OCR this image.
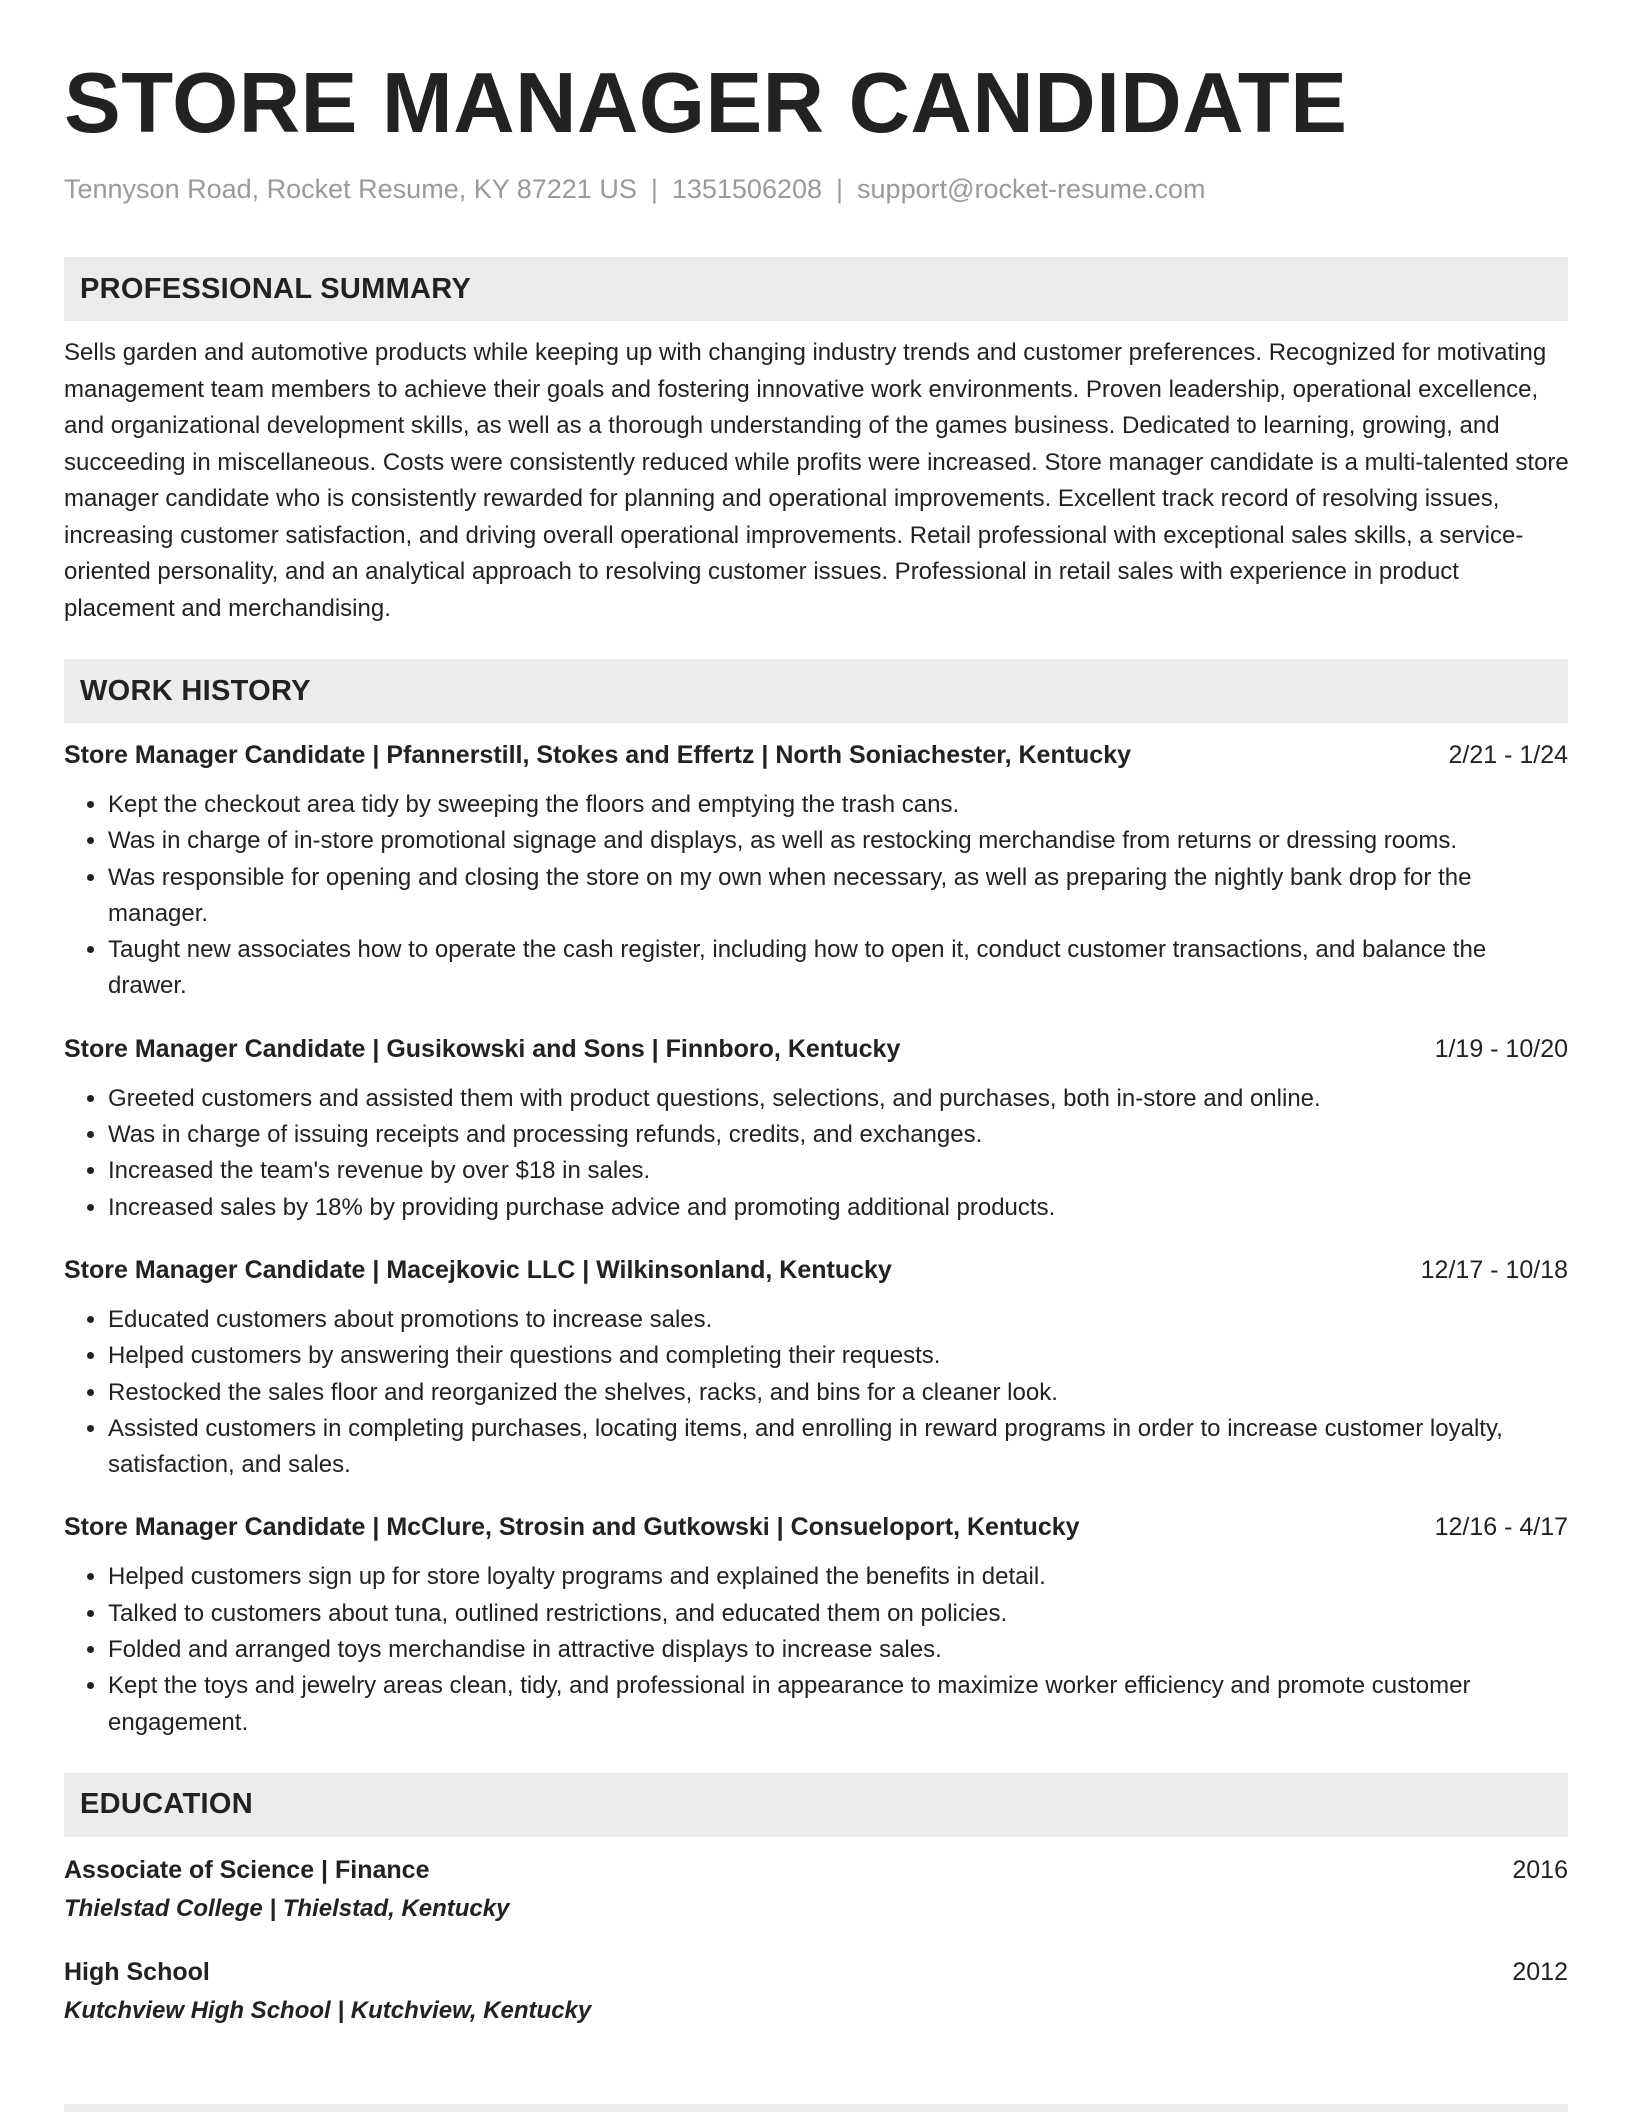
STORE MANAGER CANDIDATE
Tennyson Road, Rocket Resume, KY 87221 US | 1351506208 | support@rocket-resume.com
PROFESSIONAL SUMMARY
Sells garden and automotive products while keeping up with changing industry trends and customer preferences. Recognized for motivating management team members to achieve their goals and fostering innovative work environments. Proven leadership, operational excellence, and organizational development skills, as well as a thorough understanding of the games business. Dedicated to learning, growing, and succeeding in miscellaneous. Costs were consistently reduced while profits were increased. Store manager candidate is a multi-talented store manager candidate who is consistently rewarded for planning and operational improvements. Excellent track record of resolving issues, increasing customer satisfaction, and driving overall operational improvements. Retail professional with exceptional sales skills, a service-oriented personality, and an analytical approach to resolving customer issues. Professional in retail sales with experience in product placement and merchandising.
WORK HISTORY
Store Manager Candidate | Pfannerstill, Stokes and Effertz | North Soniachester, Kentucky	2/21 - 1/24
• Kept the checkout area tidy by sweeping the floors and emptying the trash cans.
• Was in charge of in-store promotional signage and displays, as well as restocking merchandise from returns or dressing rooms.
• Was responsible for opening and closing the store on my own when necessary, as well as preparing the nightly bank drop for the manager.
• Taught new associates how to operate the cash register, including how to open it, conduct customer transactions, and balance the drawer.
Store Manager Candidate | Gusikowski and Sons | Finnboro, Kentucky	1/19 - 10/20
• Greeted customers and assisted them with product questions, selections, and purchases, both in-store and online.
• Was in charge of issuing receipts and processing refunds, credits, and exchanges.
• Increased the team's revenue by over $18 in sales.
• Increased sales by 18% by providing purchase advice and promoting additional products.
Store Manager Candidate | Macejkovic LLC | Wilkinsonland, Kentucky	12/17 - 10/18
• Educated customers about promotions to increase sales.
• Helped customers by answering their questions and completing their requests.
• Restocked the sales floor and reorganized the shelves, racks, and bins for a cleaner look.
• Assisted customers in completing purchases, locating items, and enrolling in reward programs in order to increase customer loyalty, satisfaction, and sales.
Store Manager Candidate | McClure, Strosin and Gutkowski | Consueloport, Kentucky	12/16 - 4/17
• Helped customers sign up for store loyalty programs and explained the benefits in detail.
• Talked to customers about tuna, outlined restrictions, and educated them on policies.
• Folded and arranged toys merchandise in attractive displays to increase sales.
• Kept the toys and jewelry areas clean, tidy, and professional in appearance to maximize worker efficiency and promote customer engagement.
EDUCATION
Associate of Science | Finance	2016
Thielstad College | Thielstad, Kentucky
High School	2012
Kutchview High School | Kutchview, Kentucky
